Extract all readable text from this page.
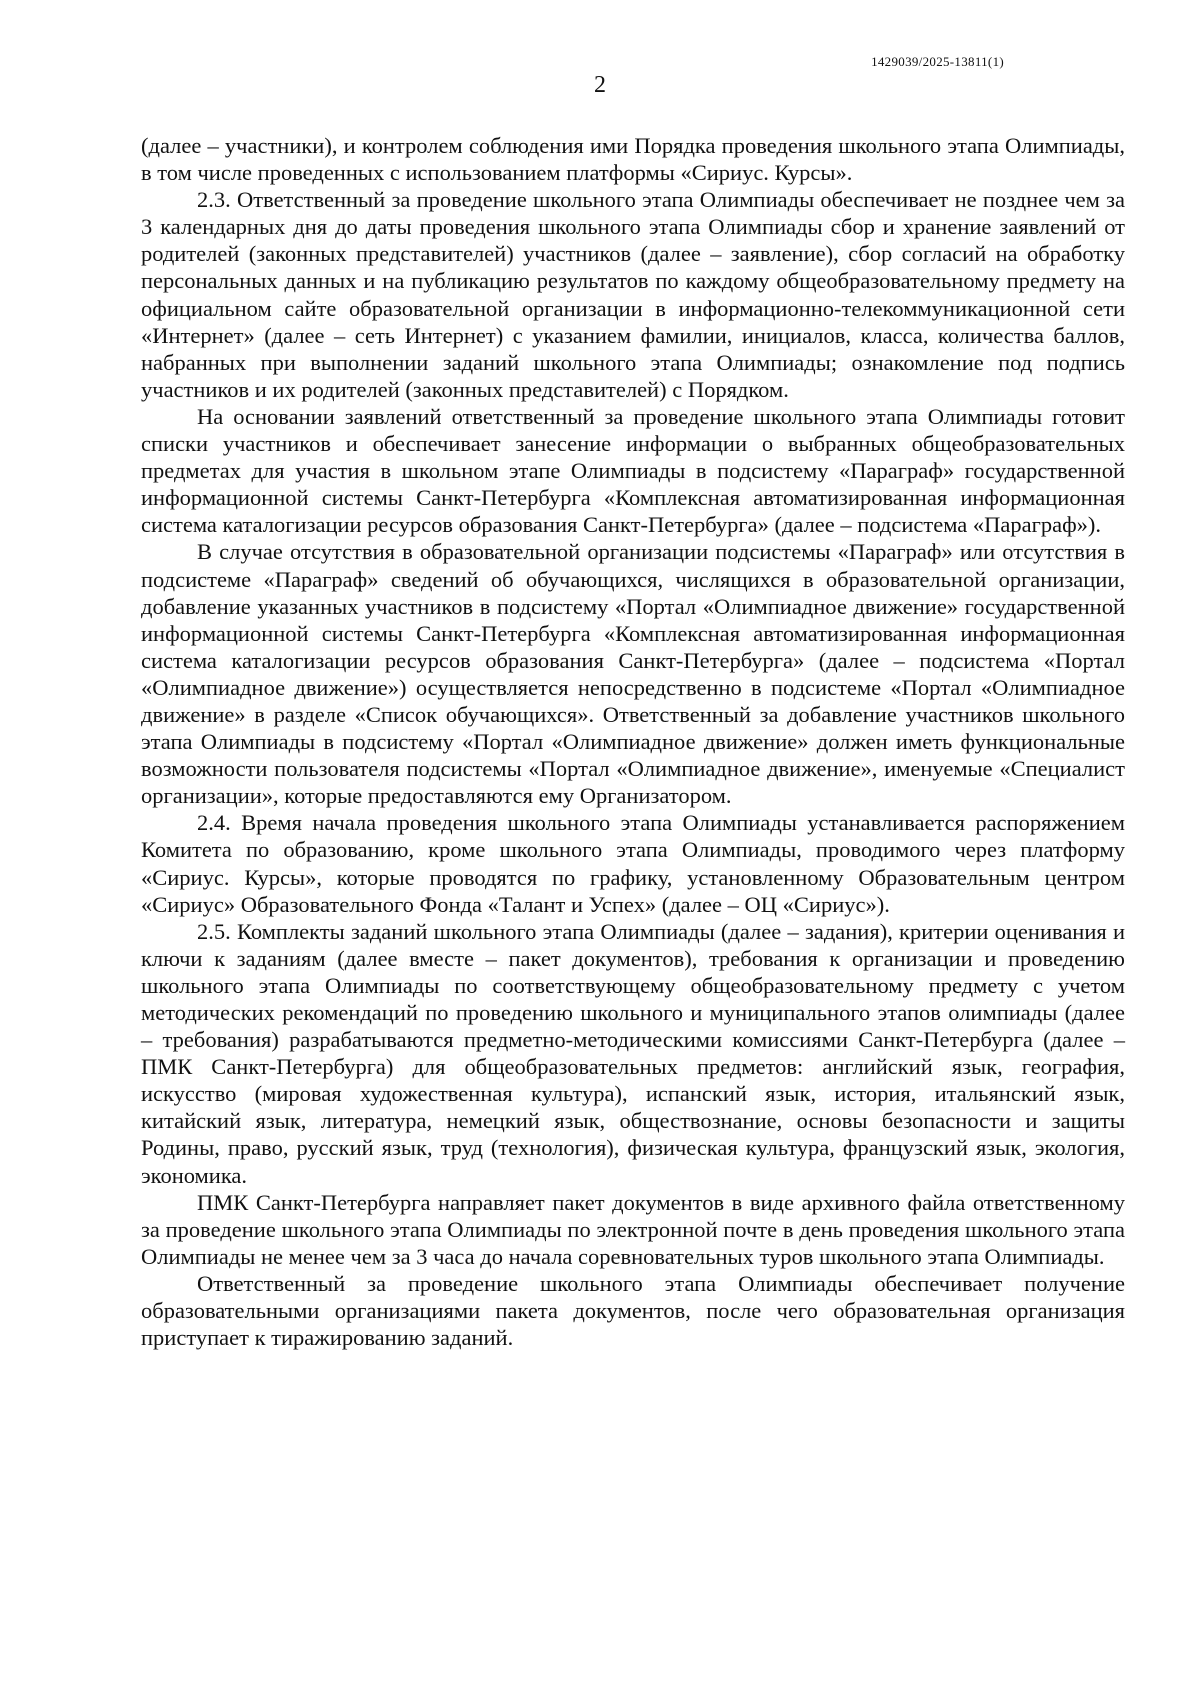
1429039/2025-13811(1)
2

(далее – участники), и контролем соблюдения ими Порядка проведения школьного этапа Олимпиады, в том числе проведенных с использованием платформы «Сириус. Курсы».

2.3. Ответственный за проведение школьного этапа Олимпиады обеспечивает не позднее чем за 3 календарных дня до даты проведения школьного этапа Олимпиады сбор и хранение заявлений от родителей (законных представителей) участников (далее – заявление), сбор согласий на обработку персональных данных и на публикацию результатов по каждому общеобразовательному предмету на официальном сайте образовательной организации в информационно-телекоммуникационной сети «Интернет» (далее – сеть Интернет) с указанием фамилии, инициалов, класса, количества баллов, набранных при выполнении заданий школьного этапа Олимпиады; ознакомление под подпись участников и их родителей (законных представителей) с Порядком.

На основании заявлений ответственный за проведение школьного этапа Олимпиады готовит списки участников и обеспечивает занесение информации о выбранных общеобразовательных предметах для участия в школьном этапе Олимпиады в подсистему «Параграф» государственной информационной системы Санкт-Петербурга «Комплексная автоматизированная информационная система каталогизации ресурсов образования Санкт-Петербурга» (далее – подсистема «Параграф»).

В случае отсутствия в образовательной организации подсистемы «Параграф» или отсутствия в подсистеме «Параграф» сведений об обучающихся, числящихся в образовательной организации, добавление указанных участников в подсистему «Портал «Олимпиадное движение» государственной информационной системы Санкт-Петербурга «Комплексная автоматизированная информационная система каталогизации ресурсов образования Санкт-Петербурга» (далее – подсистема «Портал «Олимпиадное движение») осуществляется непосредственно в подсистеме «Портал «Олимпиадное движение» в разделе «Список обучающихся». Ответственный за добавление участников школьного этапа Олимпиады в подсистему «Портал «Олимпиадное движение» должен иметь функциональные возможности пользователя подсистемы «Портал «Олимпиадное движение», именуемые «Специалист организации», которые предоставляются ему Организатором.

2.4. Время начала проведения школьного этапа Олимпиады устанавливается распоряжением Комитета по образованию, кроме школьного этапа Олимпиады, проводимого через платформу «Сириус. Курсы», которые проводятся по графику, установленному Образовательным центром «Сириус» Образовательного Фонда «Талант и Успех» (далее – ОЦ «Сириус»).

2.5. Комплекты заданий школьного этапа Олимпиады (далее – задания), критерии оценивания и ключи к заданиям (далее вместе – пакет документов), требования к организации и проведению школьного этапа Олимпиады по соответствующему общеобразовательному предмету с учетом методических рекомендаций по проведению школьного и муниципального этапов олимпиады (далее – требования) разрабатываются предметно-методическими комиссиями Санкт-Петербурга (далее – ПМК Санкт-Петербурга) для общеобразовательных предметов: английский язык, география, искусство (мировая художественная культура), испанский язык, история, итальянский язык, китайский язык, литература, немецкий язык, обществознание, основы безопасности и защиты Родины, право, русский язык, труд (технология), физическая культура, французский язык, экология, экономика.

ПМК Санкт-Петербурга направляет пакет документов в виде архивного файла ответственному за проведение школьного этапа Олимпиады по электронной почте в день проведения школьного этапа Олимпиады не менее чем за 3 часа до начала соревновательных туров школьного этапа Олимпиады.

Ответственный за проведение школьного этапа Олимпиады обеспечивает получение образовательными организациями пакета документов, после чего образовательная организация приступает к тиражированию заданий.
